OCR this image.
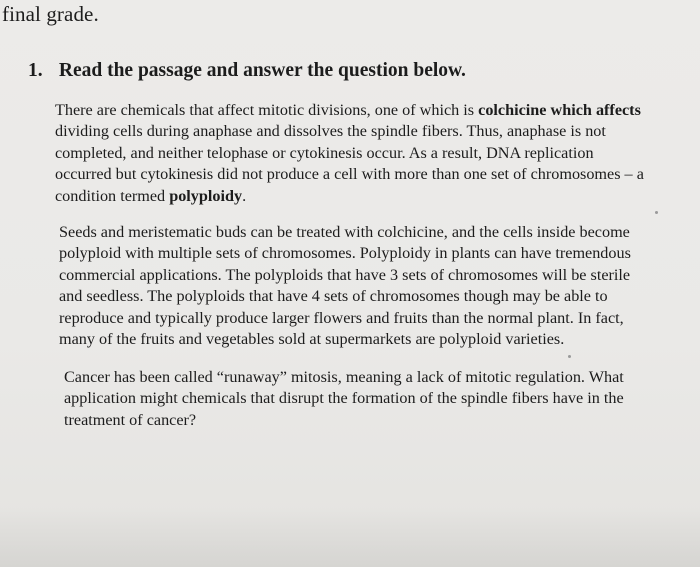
final grade.
1. Read the passage and answer the question below.

There are chemicals that affect mitotic divisions, one of which is colchicine which affects
dividing cells during anaphase and dissolves the spindle fibers. Thus, anaphase is not
completed, and neither telophase or cytokinesis occur. As a result, DNA replication
occurred but cytokinesis did not produce a cell with more than one set of chromosomes – a
condition termed polyploidy.

Seeds and meristematic buds can be treated with colchicine, and the cells inside become
polyploid with multiple sets of chromosomes. Polyploidy in plants can have tremendous
commercial applications. The polyploids that have 3 sets of chromosomes will be sterile
and seedless. The polyploids that have 4 sets of chromosomes though may be able to
reproduce and typically produce larger flowers and fruits than the normal plant. In fact,
many of the fruits and vegetables sold at supermarkets are polyploid varieties.

Cancer has been called “runaway” mitosis, meaning a lack of mitotic regulation. What
application might chemicals that disrupt the formation of the spindle fibers have in the
treatment of cancer?
